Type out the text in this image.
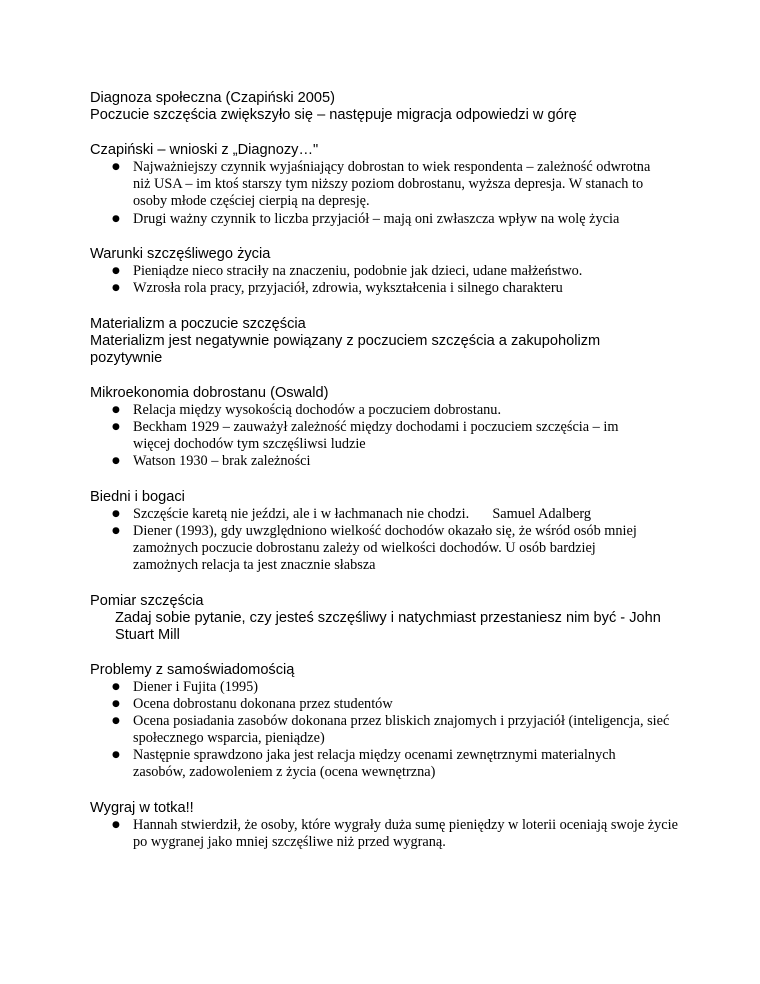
Diagnoza społeczna (Czapiński 2005)

Poczucie szczęścia zwiększyło się – następuje migracja odpowiedzi w górę

Czapiński – wnioski z „Diagnozy…"

● Najważniejszy czynnik wyjaśniający dobrostan to wiek respondenta – zależność odwrotna niż USA – im ktoś starszy tym niższy poziom dobrostanu, wyższa depresja. W stanach to osoby młode częściej cierpią na depresję.
● Drugi ważny czynnik to liczba przyjaciół – mają oni zwłaszcza wpływ na wolę życia

Warunki szczęśliwego życia

● Pieniądze nieco straciły na znaczeniu, podobnie jak dzieci, udane małżeństwo.
● Wzrosła rola pracy, przyjaciół, zdrowia, wykształcenia i silnego charakteru

Materializm a poczucie szczęścia

Materializm jest negatywnie powiązany z poczuciem szczęścia a zakupoholizm pozytywnie

Mikroekonomia dobrostanu (Oswald)

● Relacja między wysokością dochodów a poczuciem dobrostanu.
● Beckham 1929 – zauważył zależność między dochodami i poczuciem szczęścia – im więcej dochodów tym szczęśliwsi ludzie
● Watson 1930 – brak zależności

Biedni i bogaci

● Szczęście karetą nie jeździ, ale i w łachmanach nie chodzi. Samuel Adalberg
● Diener (1993), gdy uwzględniono wielkość dochodów okazało się, że wśród osób mniej zamożnych poczucie dobrostanu zależy od wielkości dochodów. U osób bardziej zamożnych relacja ta jest znacznie słabsza

Pomiar szczęścia

Zadaj sobie pytanie, czy jesteś szczęśliwy i natychmiast przestaniesz nim być - John Stuart Mill

Problemy z samoświadomością

● Diener i Fujita (1995)
● Ocena dobrostanu dokonana przez studentów
● Ocena posiadania zasobów dokonana przez bliskich znajomych i przyjaciół (inteligencja, sieć społecznego wsparcia, pieniądze)
● Następnie sprawdzono jaka jest relacja między ocenami zewnętrznymi materialnych zasobów, zadowoleniem z życia (ocena wewnętrzna)

Wygraj w totka!!

● Hannah stwierdził, że osoby, które wygrały duża sumę pieniędzy w loterii oceniają swoje życie po wygranej jako mniej szczęśliwe niż przed wygraną.
